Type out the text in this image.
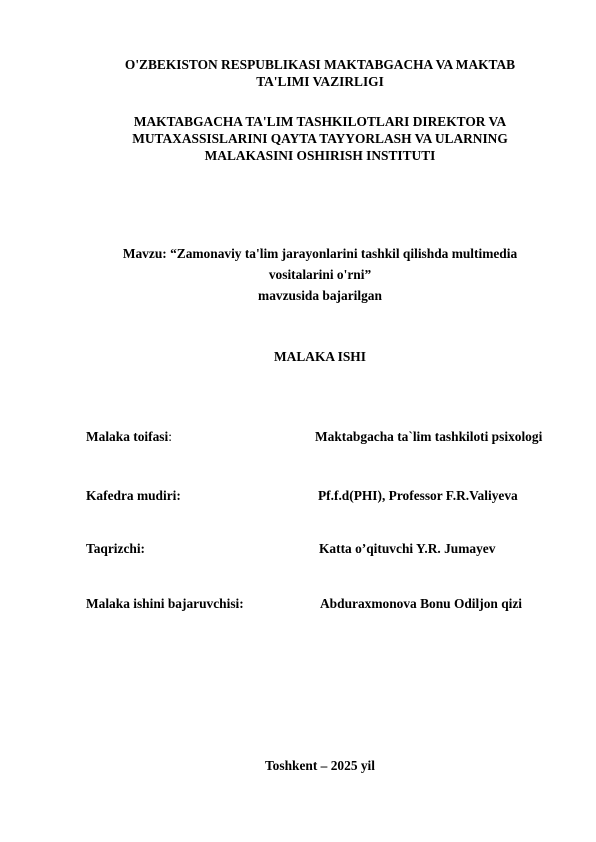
O'ZBEKISTON RESPUBLIKASI MAKTABGACHA VA MAKTAB
TA'LIMI VAZIRLIGI
MAKTABGACHA TA'LIM TASHKILOTLARI DIREKTOR VA
MUTAXASSISLARINI QAYTA TAYYORLASH VA ULARNING
MALAKASINI OSHIRISH INSTITUTI
Mavzu: “Zamonaviy ta'lim jarayonlarini tashkil qilishda multimedia
vositalarini o'rni”
mavzusida bajarilgan
MALAKA ISHI
Malaka toifasi:	Maktabgacha ta`lim tashkiloti psixologi
Kafedra mudiri:	Pf.f.d(PHI), Professor F.R.Valiyeva
Taqrizchi:	Katta o’qituvchi Y.R. Jumayev
Malaka ishini bajaruvchisi:	Abduraxmonova Bonu Odiljon qizi
Toshkent – 2025 yil
